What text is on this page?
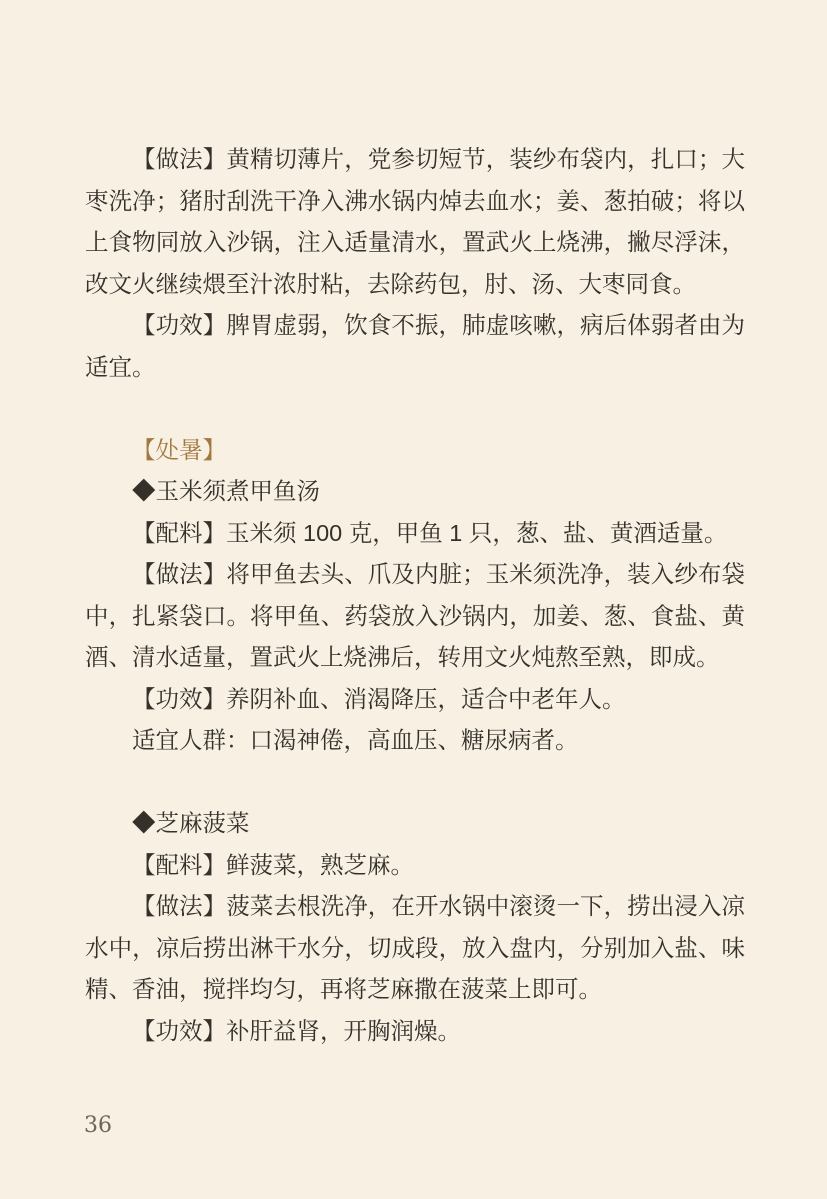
【做法】黄精切薄片，党参切短节，装纱布袋内，扎口；大枣洗净；猪肘刮洗干净入沸水锅内焯去血水；姜、葱拍破；将以上食物同放入沙锅，注入适量清水，置武火上烧沸，撇尽浮沫，改文火继续煨至汁浓肘粘，去除药包，肘、汤、大枣同食。
【功效】脾胃虚弱，饮食不振，肺虚咳嗽，病后体弱者由为适宜。
【处暑】
◆玉米须煮甲鱼汤
【配料】玉米须 100 克，甲鱼 1 只，葱、盐、黄酒适量。
【做法】将甲鱼去头、爪及内脏；玉米须洗净，装入纱布袋中，扎紧袋口。将甲鱼、药袋放入沙锅内，加姜、葱、食盐、黄酒、清水适量，置武火上烧沸后，转用文火炖熬至熟，即成。
【功效】养阴补血、消渴降压，适合中老年人。
适宜人群：口渴神倦，高血压、糖尿病者。
◆芝麻菠菜
【配料】鲜菠菜，熟芝麻。
【做法】菠菜去根洗净，在开水锅中滚烫一下，捞出浸入凉水中，凉后捞出淋干水分，切成段，放入盘内，分别加入盐、味精、香油，搅拌均匀，再将芝麻撒在菠菜上即可。
【功效】补肝益肾，开胸润燥。
36
